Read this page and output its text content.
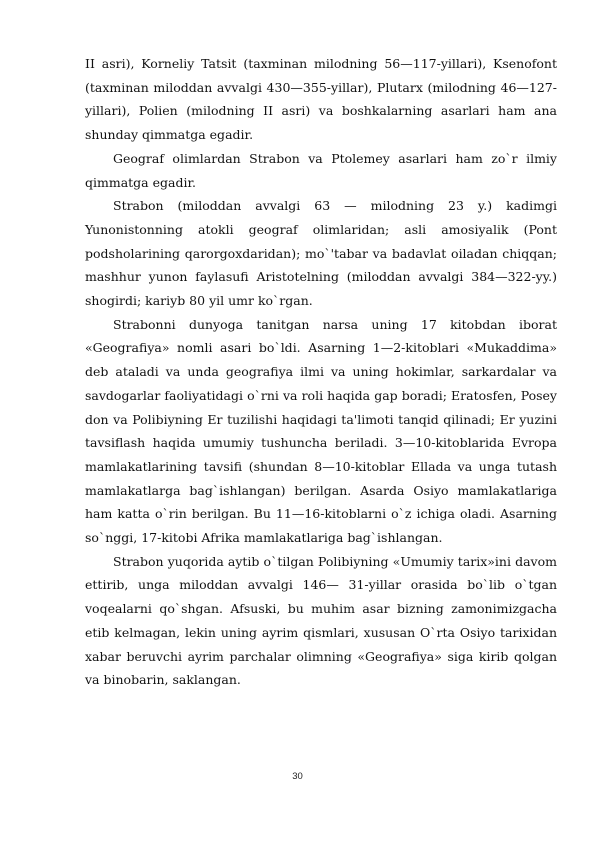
II asri), Korneliy Tatsit (taxminan milodning 56—117-yillari), Ksenofont (taxminan miloddan avvalgi 430—355-yillar), Plutarx (milodning 46—127-yillari), Polien (milodning II asri) va boshkalarning asarlari ham ana shunday qimmatga egadir.

Geograf olimlardan Strabon va Ptolemey asarlari ham zo`r ilmiy qimmatga egadir.

Strabon (miloddan avvalgi 63 — milodning 23 y.) kadimgi Yunonistonning atokli geograf olimlaridan; asli amosiyalik (Pont podsholarining qarorgoxdaridan); mo`'tabar va badavlat oiladan chiqqan; mashhur yunon faylasufi Aristotelning (miloddan avvalgi 384—322-yy.) shogirdi; kariyb 80 yil umr ko`rgan.

Strabonni dunyoga tanitgan narsa uning 17 kitobdan iborat «Geografiya» nomli asari bo`ldi. Asarning 1—2-kitoblari «Mukaddima» deb ataladi va unda geografiya ilmi va uning hokimlar, sarkardalar va savdogarlar faoliyatidagi o`rni va roli haqida gap boradi; Eratosfen, Posey don va Polibiyning Er tuzilishi haqidagi ta'limoti tanqid qilinadi; Er yuzini tavsiflash haqida umumiy tushuncha beriladi. 3—10-kitoblarida Evropa mamlakatlarining tavsifi (shundan 8—10-kitoblar Ellada va unga tutash mamlakatlarga bag`ishlangan) berilgan. Asarda Osiyo mamlakatlariga ham katta o`rin berilgan. Bu 11—16-kitoblarni o`z ichiga oladi. Asarning so`nggi, 17-kitobi Afrika mamlakatlariga bag`ishlangan.

Strabon yuqorida aytib o`tilgan Polibiyning «Umumiy tarix»ini davom ettirib, unga miloddan avvalgi 146— 31-yillar orasida bo`lib o`tgan voqealarni qo`shgan. Afsuski, bu muhim asar bizning zamonimizgacha etib kelmagan, lekin uning ayrim qismlari, xususan O`rta Osiyo tarixidan xabar beruvchi ayrim parchalar olimning «Geografiya» siga kirib qolgan va binobarin, saklangan.

30
